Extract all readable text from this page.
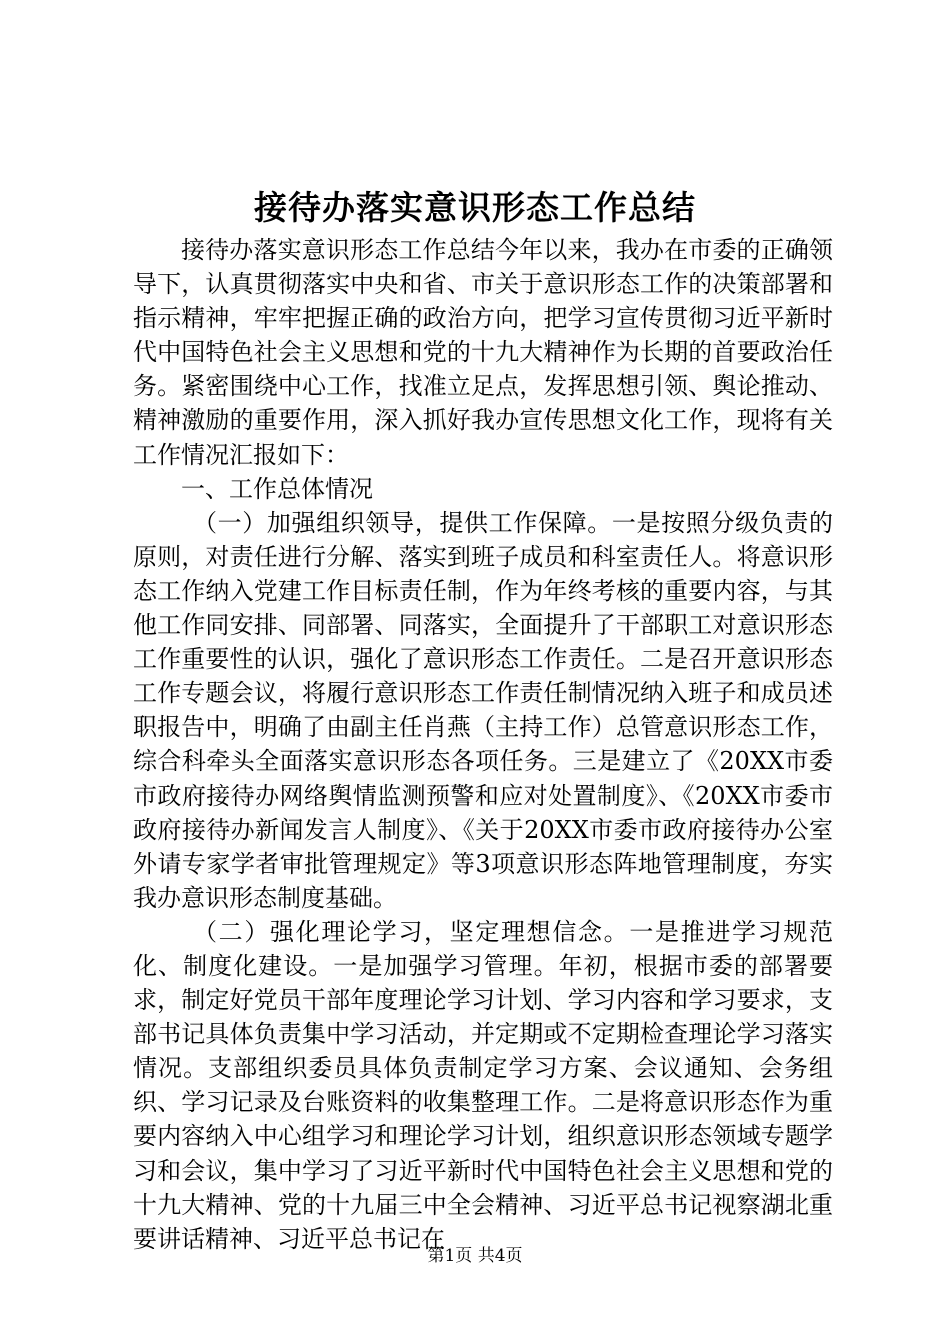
接待办落实意识形态工作总结

接待办落实意识形态工作总结今年以来，我办在市委的正确领导下，认真贯彻落实中央和省、市关于意识形态工作的决策部署和指示精神，牢牢把握正确的政治方向，把学习宣传贯彻习近平新时代中国特色社会主义思想和党的十九大精神作为长期的首要政治任务。紧密围绕中心工作，找准立足点，发挥思想引领、舆论推动、精神激励的重要作用，深入抓好我办宣传思想文化工作，现将有关工作情况汇报如下：

一、工作总体情况

（一）加强组织领导，提供工作保障。一是按照分级负责的原则，对责任进行分解、落实到班子成员和科室责任人。将意识形态工作纳入党建工作目标责任制，作为年终考核的重要内容，与其他工作同安排、同部署、同落实，全面提升了干部职工对意识形态工作重要性的认识，强化了意识形态工作责任。二是召开意识形态工作专题会议，将履行意识形态工作责任制情况纳入班子和成员述职报告中，明确了由副主任肖燕（主持工作）总管意识形态工作，综合科牵头全面落实意识形态各项任务。三是建立了《20XX市委市政府接待办网络舆情监测预警和应对处置制度》、《20XX市委市政府接待办新闻发言人制度》、《关于20XX市委市政府接待办公室外请专家学者审批管理规定》等3项意识形态阵地管理制度，夯实我办意识形态制度基础。

（二）强化理论学习，坚定理想信念。一是推进学习规范化、制度化建设。一是加强学习管理。年初，根据市委的部署要求，制定好党员干部年度理论学习计划、学习内容和学习要求，支部书记具体负责集中学习活动，并定期或不定期检查理论学习落实情况。支部组织委员具体负责制定学习方案、会议通知、会务组织、学习记录及台账资料的收集整理工作。二是将意识形态作为重要内容纳入中心组学习和理论学习计划，组织意识形态领域专题学习和会议，集中学习了习近平新时代中国特色社会主义思想和党的十九大精神、党的十九届三中全会精神、习近平总书记视察湖北重要讲话精神、习近平总书记在

第1页 共4页
